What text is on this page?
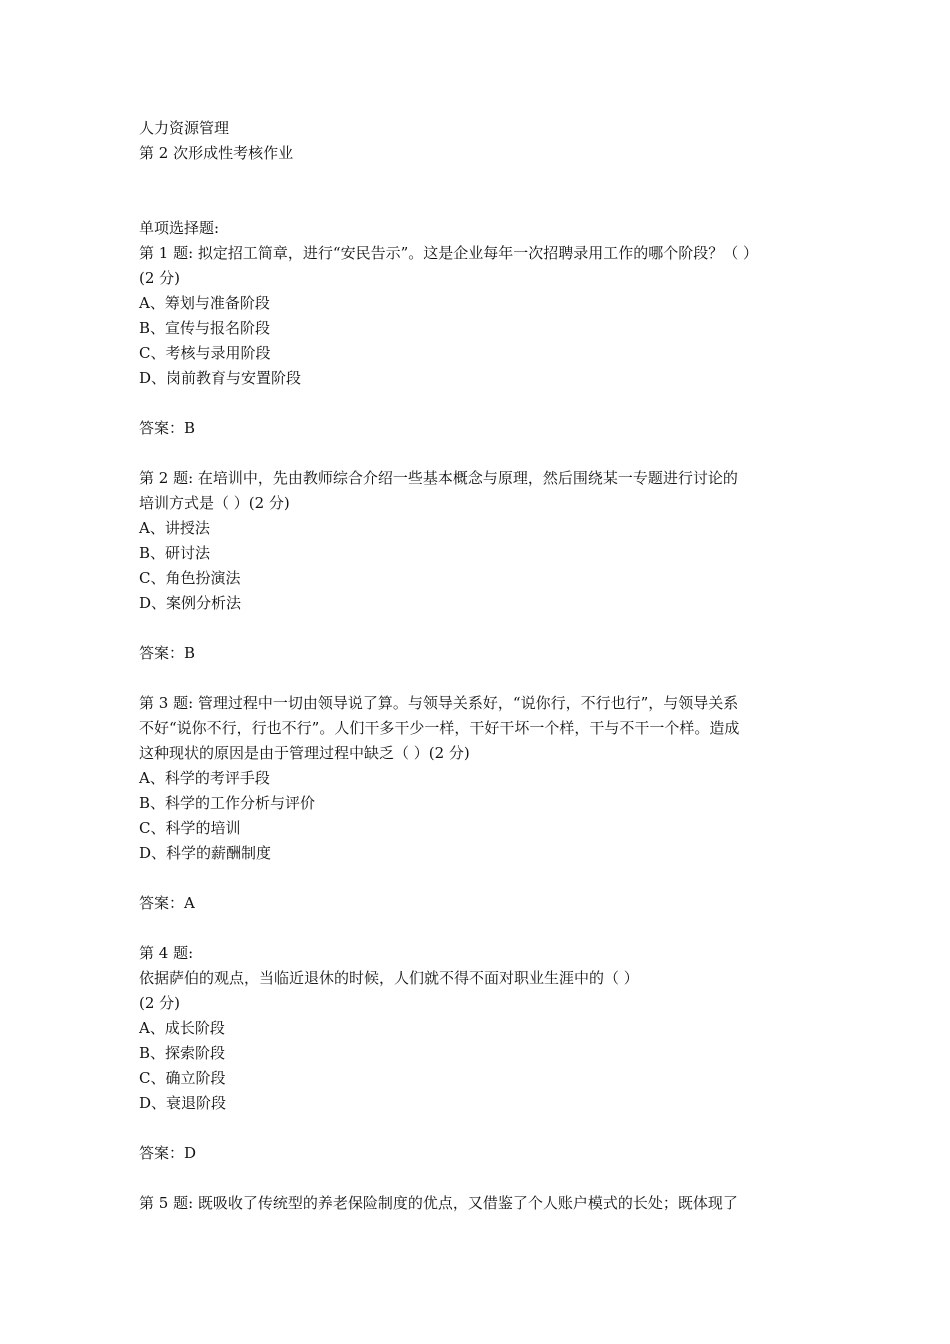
人力资源管理
第 2 次形成性考核作业
单项选择题:
第 1 题: 拟定招工简章，进行“安民告示”。这是企业每年一次招聘录用工作的哪个阶段？（ ）
(2 分)
A、筹划与准备阶段
B、宣传与报名阶段
C、考核与录用阶段
D、岗前教育与安置阶段
答案：B
第 2 题: 在培训中，先由教师综合介绍一些基本概念与原理，然后围绕某一专题进行讨论的
培训方式是（ ）(2 分)
A、讲授法
B、研讨法
C、角色扮演法
D、案例分析法
答案：B
第 3 题: 管理过程中一切由领导说了算。与领导关系好，“说你行，不行也行”，与领导关系
不好“说你不行，行也不行”。人们干多干少一样，干好干坏一个样，干与不干一个样。造成
这种现状的原因是由于管理过程中缺乏（ ）(2 分)
A、科学的考评手段
B、科学的工作分析与评价
C、科学的培训
D、科学的薪酬制度
答案：A
第 4 题:
依据萨伯的观点，当临近退休的时候，人们就不得不面对职业生涯中的（ ）
(2 分)
A、成长阶段
B、探索阶段
C、确立阶段
D、衰退阶段
答案：D
第 5 题: 既吸收了传统型的养老保险制度的优点，又借鉴了个人账户模式的长处；既体现了
